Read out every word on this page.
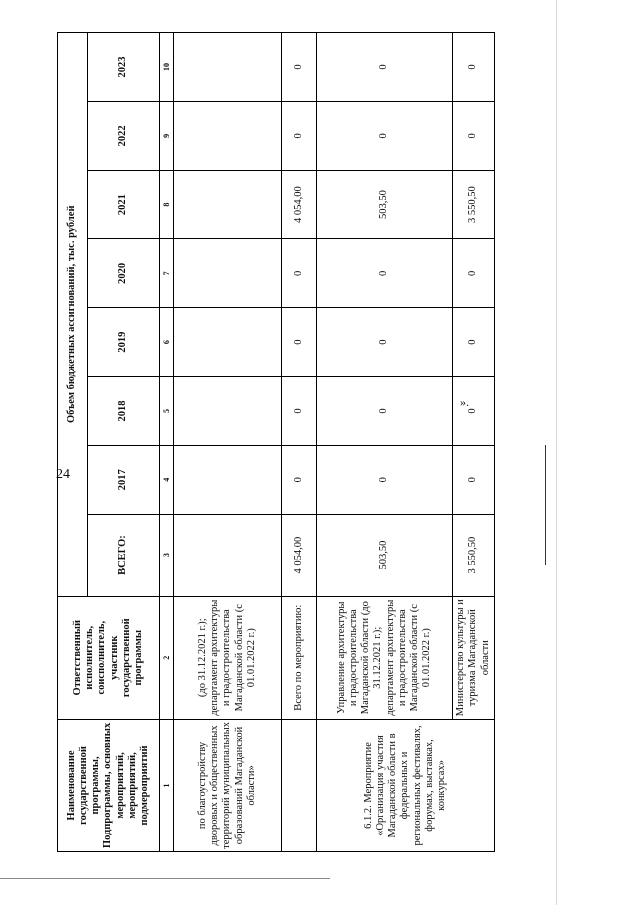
24
».
Наименование государственной программы, Подпрограммы, основных мероприятий, мероприятий, подмероприятий	Ответственный исполнитель, соисполнитель, участник государственной программы	Объем бюджетных ассигнований, тыс. рублей							
		ВСЕГО:	2017	2018	2019	2020	2021	2022	2023
1	2	3	4	5	6	7	8	9	10
по благоустройству дворовых и общественных территорий муниципальных образований Магаданской области»	(до 31.12.2021 г.); департамент архитектуры и градостроительства Магаданской области (с 01.01.2022 г.)								
	Всего по мероприятию:	4 054,00	0	0	0	0	4 054,00	0	0
6.1.2. Мероприятие «Организация участия Магаданской области в федеральных и региональных фестивалях, форумах, выставках, конкурсах»	Управление архитектуры и градостроительства Магаданской области (до 31.12.2021 г.); департамент архитектуры и градостроительства Магаданской области (с 01.01.2022 г.)	503,50	0	0	0	0	503,50	0	0
	Министерство культуры и туризма Магаданской области	3 550,50	0	0	0	0	3 550,50	0	0
